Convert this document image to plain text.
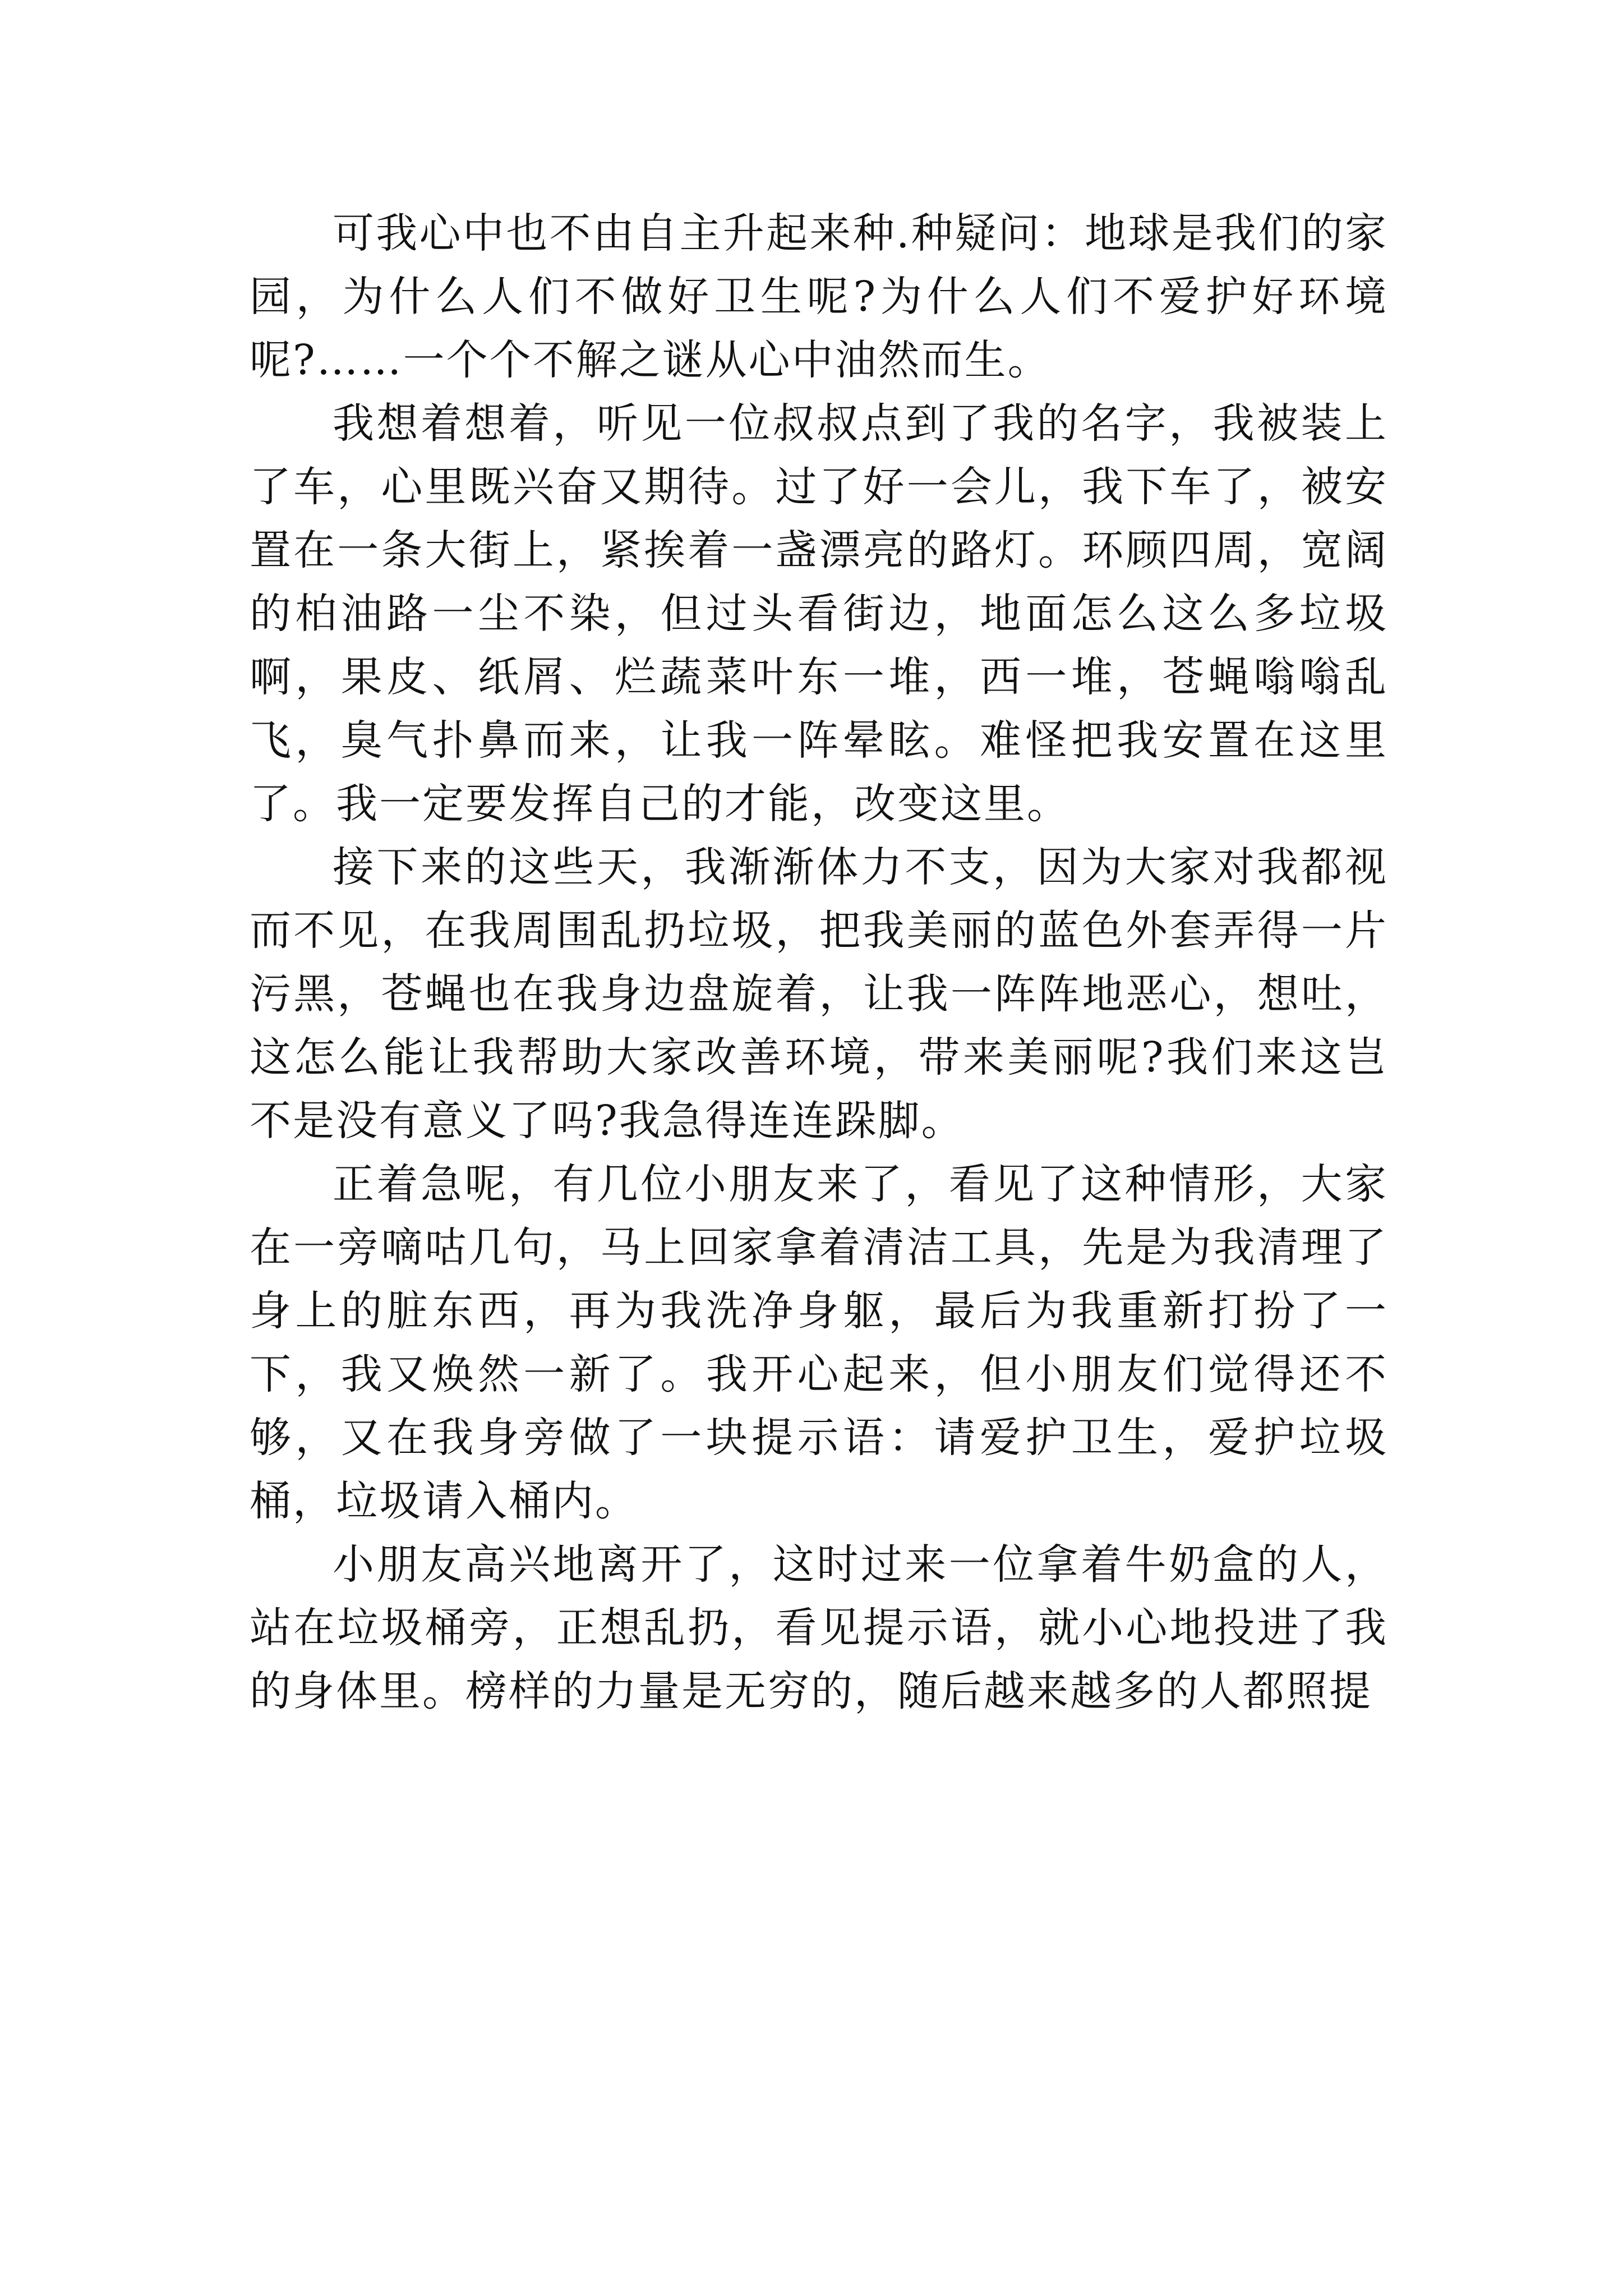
可我心中也不由自主升起来种.种疑问：地球是我们的家园，为什么人们不做好卫生呢?为什么人们不爱护好环境呢?……一个个不解之谜从心中油然而生。

我想着想着，听见一位叔叔点到了我的名字，我被装上了车，心里既兴奋又期待。过了好一会儿，我下车了，被安置在一条大街上，紧挨着一盏漂亮的路灯。环顾四周，宽阔的柏油路一尘不染，但过头看街边，地面怎么这么多垃圾啊，果皮、纸屑、烂蔬菜叶东一堆，西一堆，苍蝇嗡嗡乱飞，臭气扑鼻而来，让我一阵晕眩。难怪把我安置在这里了。我一定要发挥自己的才能，改变这里。

接下来的这些天，我渐渐体力不支，因为大家对我都视而不见，在我周围乱扔垃圾，把我美丽的蓝色外套弄得一片污黑，苍蝇也在我身边盘旋着，让我一阵阵地恶心，想吐，这怎么能让我帮助大家改善环境，带来美丽呢?我们来这岂不是没有意义了吗?我急得连连跺脚。

正着急呢，有几位小朋友来了，看见了这种情形，大家在一旁嘀咕几句，马上回家拿着清洁工具，先是为我清理了身上的脏东西，再为我洗净身躯，最后为我重新打扮了一下，我又焕然一新了。我开心起来，但小朋友们觉得还不够，又在我身旁做了一块提示语：请爱护卫生，爱护垃圾桶，垃圾请入桶内。

小朋友高兴地离开了，这时过来一位拿着牛奶盒的人，站在垃圾桶旁，正想乱扔，看见提示语，就小心地投进了我的身体里。榜样的力量是无穷的，随后越来越多的人都照提
